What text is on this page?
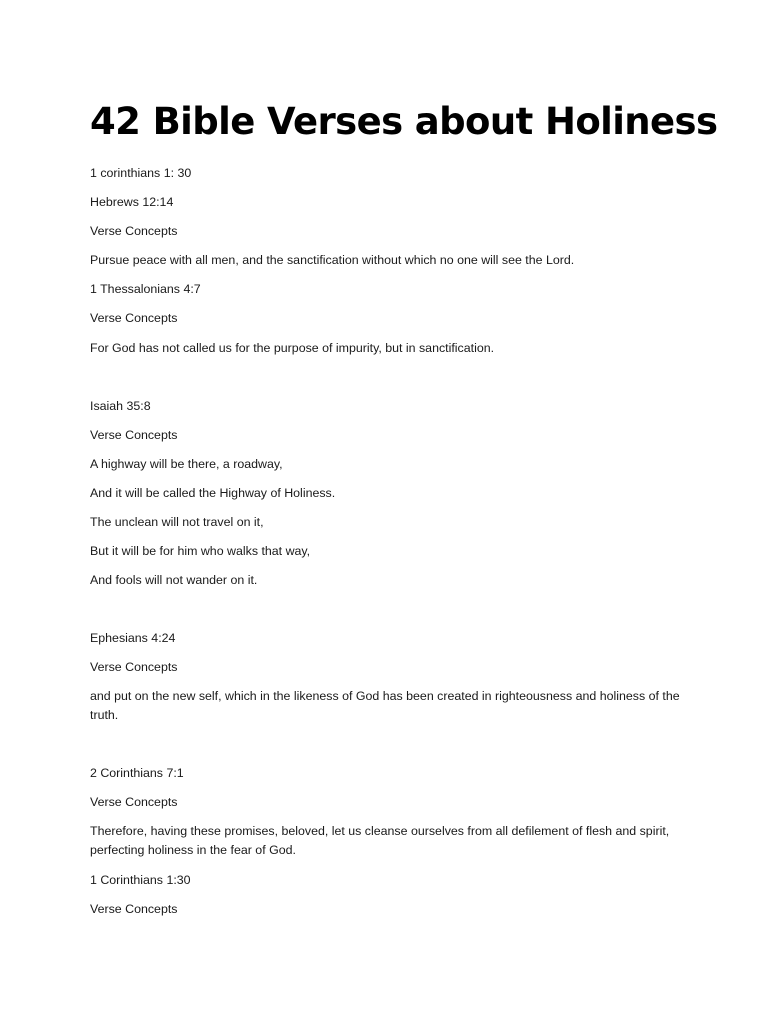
42 Bible Verses about Holiness

1 corinthians 1: 30

Hebrews 12:14

Verse Concepts

Pursue peace with all men, and the sanctification without which no one will see the Lord.

1 Thessalonians 4:7

Verse Concepts

For God has not called us for the purpose of impurity, but in sanctification.

Isaiah 35:8

Verse Concepts

A highway will be there, a roadway,

And it will be called the Highway of Holiness.

The unclean will not travel on it,

But it will be for him who walks that way,

And fools will not wander on it.

Ephesians 4:24

Verse Concepts

and put on the new self, which in the likeness of God has been created in righteousness and holiness of the truth.

2 Corinthians 7:1

Verse Concepts

Therefore, having these promises, beloved, let us cleanse ourselves from all defilement of flesh and spirit, perfecting holiness in the fear of God.

1 Corinthians 1:30

Verse Concepts
